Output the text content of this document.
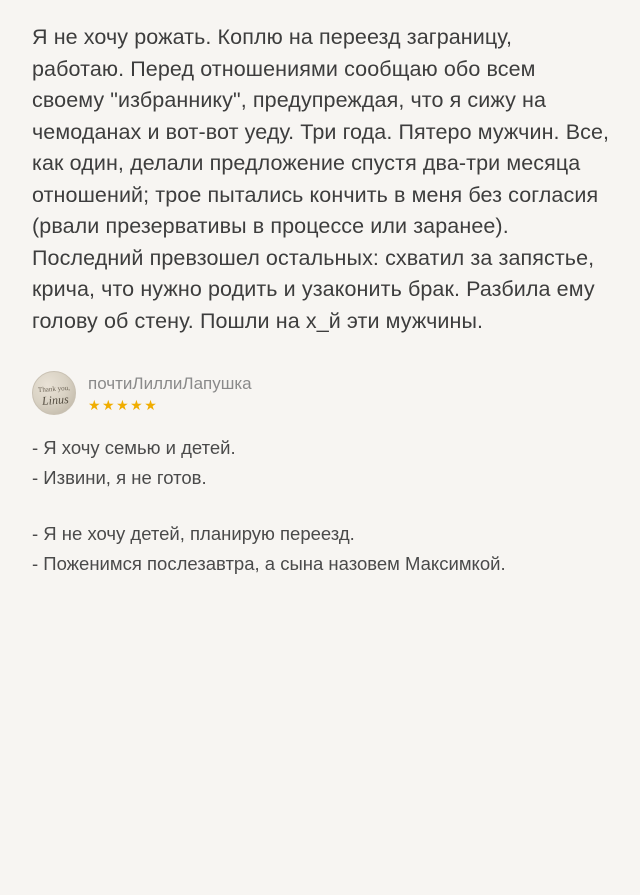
Я не хочу рожать. Коплю на переезд заграницу, работаю. Перед отношениями сообщаю обо всем своему "избраннику", предупреждая, что я сижу на чемоданах и вот-вот уеду. Три года. Пятеро мужчин. Все, как один, делали предложение спустя два-три месяца отношений; трое пытались кончить в меня без согласия (рвали презервативы в процессе или заранее). Последний превзошел остальных: схватил за запястье, крича, что нужно родить и узаконить брак. Разбила ему голову об стену. Пошли на х_й эти мужчины.
Thank you,
Linus
почтиЛиллиЛапушка
★★★★★
- Я хочу семью и детей.
- Извини, я не готов.
- Я не хочу детей, планирую переезд.
- Поженимся послезавтра, а сына назовем Максимкой.
